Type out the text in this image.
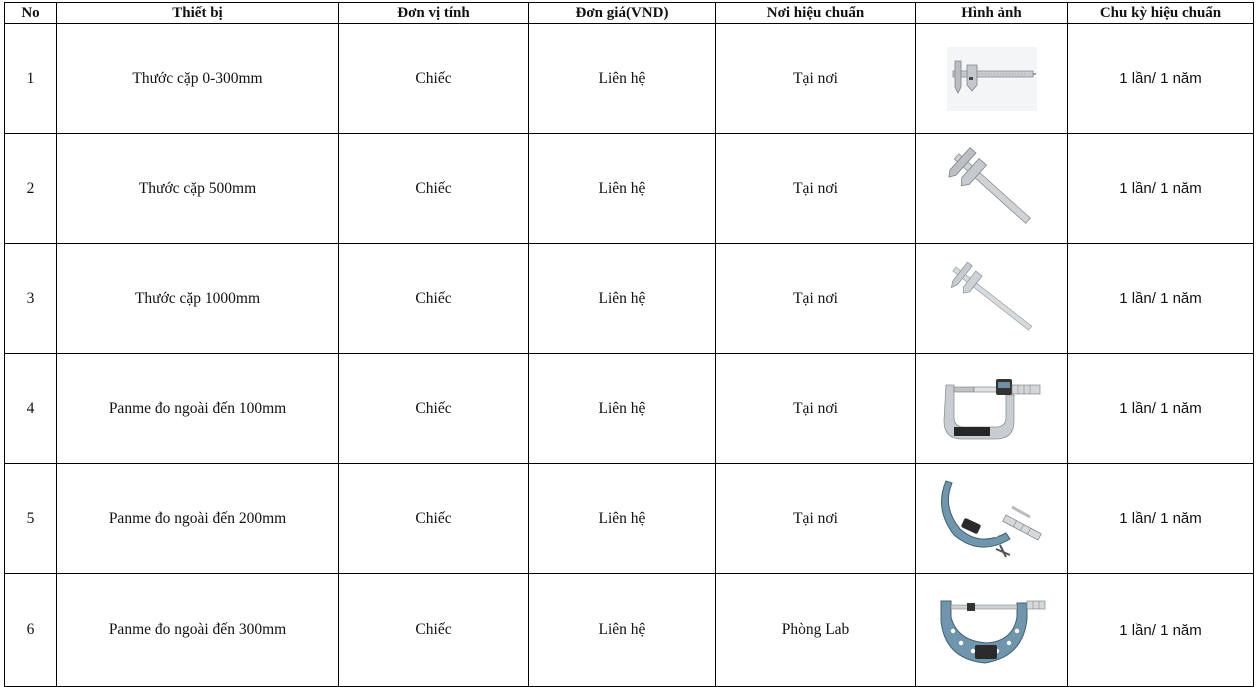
No	Thiết bị	Đơn vị tính	Đơn giá(VND)	Nơi hiệu chuẩn	Hình ảnh	Chu kỳ hiệu chuẩn
1	Thước cặp 0-300mm	Chiếc	Liên hệ	Tại nơi		1 lần/ 1 năm
2	Thước cặp 500mm	Chiếc	Liên hệ	Tại nơi		1 lần/ 1 năm
3	Thước cặp 1000mm	Chiếc	Liên hệ	Tại nơi		1 lần/ 1 năm
4	Panme đo ngoài đến 100mm	Chiếc	Liên hệ	Tại nơi		1 lần/ 1 năm
5	Panme đo ngoài đến 200mm	Chiếc	Liên hệ	Tại nơi		1 lần/ 1 năm
6	Panme đo ngoài đến 300mm	Chiếc	Liên hệ	Phòng Lab		1 lần/ 1 năm
